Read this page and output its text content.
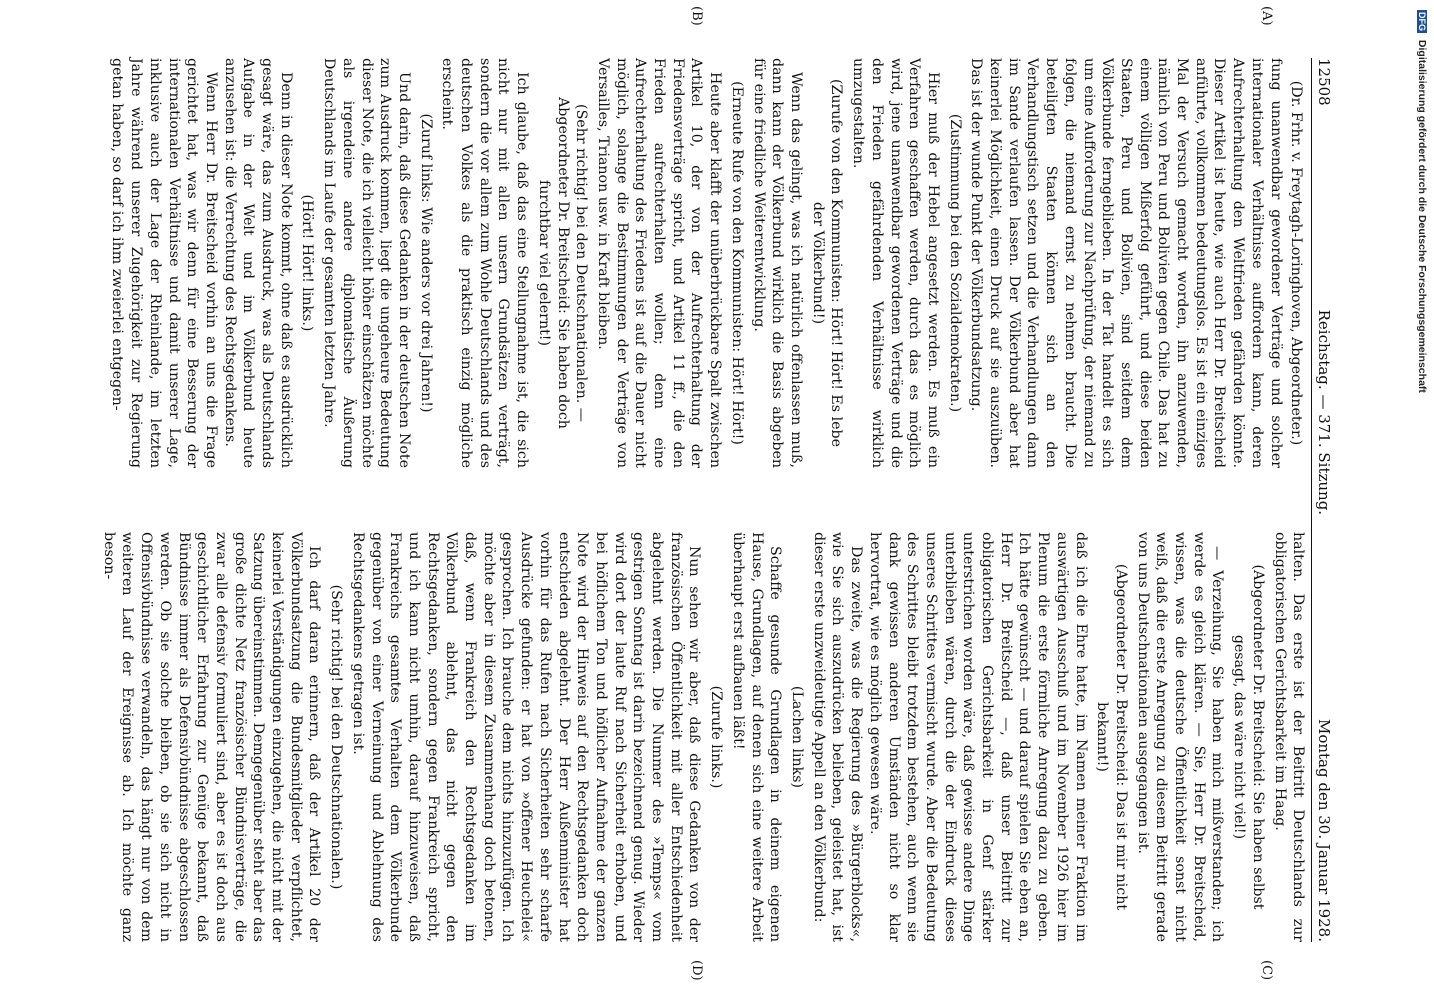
12508
Reichstag. — 371. Sitzung.
Montag den 30. Januar 1928.

(Dr. Frhr. v. Freytagh-Loringhoven, Abgeordneter.)

fung unanwendbar gewordener Verträge und solcher internationaler Verhältnisse auffordern kann, deren Aufrechterhaltung den Weltfrieden gefährden könnte. Dieser Artikel ist heute, wie auch Herr Dr. Breitscheid anführte, vollkommen bedeutungslos. Es ist ein einziges Mal der Versuch gemacht worden, ihn anzuwenden, nämlich von Peru und Bolivien gegen Chile. Das hat zu einem völligen Mißerfolg geführt, und diese beiden Staaten, Peru und Bolivien, sind seitdem dem Völkerbunde ferngeblieben. In der Tat handelt es sich um eine Aufforderung zur Nachprüfung, der niemand zu folgen, die niemand ernst zu nehmen braucht. Die beteiligten Staaten können sich an den Verhandlungstisch setzen und die Verhandlungen dann im Sande verlaufen lassen. Der Völkerbund aber hat keinerlei Möglichkeit, einen Druck auf sie auszuüben. Das ist der wunde Punkt der Völkerbundsatzung.

(Zustimmung bei den Sozialdemokraten.)

Hier muß der Hebel angesetzt werden. Es muß ein Verfahren geschaffen werden, durch das es möglich wird, jene unanwendbar gewordenen Verträge und die den Frieden gefährdenden Verhältnisse wirklich umzugestalten.

(Zurufe von den Kommunisten: Hört! Hört! Es lebe der Völkerbund!)

Wenn das gelingt, was ich natürlich offenlassen muß, dann kann der Völkerbund wirklich die Basis abgeben für eine friedliche Weiterentwicklung.

(Erneute Rufe von den Kommunisten: Hört! Hört!)

Heute aber klafft der unüberbrückbare Spalt zwischen Artikel 10, der von der Aufrechterhaltung der Friedensverträge spricht, und Artikel 11 ff., die den Frieden aufrechterhalten wollen; denn eine Aufrechterhaltung des Friedens ist auf die Dauer nicht möglich, solange die Bestimmungen der Verträge von Versailles, Trianon usw. in Kraft bleiben.

(Sehr richtig! bei den Deutschnationalen. — Abgeordneter Dr. Breitscheid: Sie haben doch furchtbar viel gelernt!)

Ich glaube, daß das eine Stellungnahme ist, die sich nicht nur mit allen unsern Grundsätzen verträgt, sondern die vor allem zum Wohle Deutschlands und des deutschen Volkes als die praktisch einzig mögliche erscheint.

(Zuruf links: Wie anders vor drei Jahren!)

Und darin, daß diese Gedanken in der deutschen Note zum Ausdruck kommen, liegt die ungeheure Bedeutung dieser Note, die ich vielleicht höher einschätzen möchte als irgendeine andere diplomatische Äußerung Deutschlands im Laufe der gesamten letzten Jahre.

(Hört! Hört! links.)

Denn in dieser Note kommt, ohne daß es ausdrücklich gesagt wäre, das zum Ausdruck, was als Deutschlands Aufgabe in der Welt und im Völkerbund heute anzusehen ist: die Verrechtung des Rechtsgedankens.

Wenn Herr Dr. Breitscheid vorhin an uns die Frage gerichtet hat, was wir denn für eine Besserung der internationalen Verhältnisse und damit unserer Lage, inklusive auch der Lage der Rheinlande, im letzten Jahre während unserer Zugehörigkeit zur Regierung getan haben, so darf ich ihm zweierlei entgegen-

halten. Das erste ist der Beitritt Deutschlands zur obligatorischen Gerichtsbarkeit im Haag.

(Abgeordneter Dr. Breitscheid: Sie haben selbst gesagt, das wäre nicht viel!)

— Verzeihung, Sie haben mich mißverstanden; ich werde es gleich klären. — Sie, Herr Dr. Breitscheid, wissen, was die deutsche Öffentlichkeit sonst nicht weiß, daß die erste Anregung zu diesem Beitritt gerade von uns Deutschnationalen ausgegangen ist.

(Abgeordneter Dr. Breitscheid: Das ist mir nicht bekannt!)

daß ich die Ehre hatte, im Namen meiner Fraktion im auswärtigen Ausschuß und im November 1926 hier im Plenum die erste förmliche Anregung dazu zu geben. Ich hätte gewünscht — und darauf spielen Sie eben an, Herr Dr. Breitscheid —, daß unser Beitritt zur obligatorischen Gerichtsbarkeit in Genf stärker unterstrichen worden wäre, daß gewisse andere Dinge unterblieben wären, durch die der Eindruck dieses unseres Schrittes vermischt wurde. Aber die Bedeutung des Schrittes bleibt trotzdem bestehen, auch wenn sie dank gewissen anderen Umständen nicht so klar hervortrat, wie es möglich gewesen wäre.

Das zweite, was die Regierung des »Bürgerblocks«, wie Sie sich auszudrücken belieben, geleistet hat, ist dieser erste unzweideutige Appell an den Völkerbund:

(Lachen links)

Schaffe gesunde Grundlagen in deinem eigenen Hause, Grundlagen, auf denen sich eine weitere Arbeit überhaupt erst aufbauen läßt!

(Zurufe links.)

Nun sehen wir aber, daß diese Gedanken von der französischen Öffentlichkeit mit aller Entschiedenheit abgelehnt werden. Die Nummer des »Temps« vom gestrigen Sonntag ist darin bezeichnend genug. Wieder wird dort der laute Ruf nach Sicherheit erhoben, und bei höflichem Ton und höflicher Aufnahme der ganzen Note wird der Hinweis auf den Rechtsgedanken doch entschieden abgelehnt. Der Herr Außenminister hat vorhin für das Rufen nach Sicherheiten sehr scharfe Ausdrücke gefunden: er hat von »offener Heuchelei« gesprochen. Ich brauche dem nichts hinzuzufügen. Ich möchte aber in diesem Zusammenhang doch betonen, daß, wenn Frankreich den Rechtsgedanken im Völkerbund ablehnt, das nicht gegen den Rechtsgedanken, sondern gegen Frankreich spricht, und ich kann nicht umhin, darauf hinzuweisen, daß Frankreichs gesamtes Verhalten dem Völkerbunde gegenüber von einer Verneinung und Ablehnung des Rechtsgedankens getragen ist.

(Sehr richtig! bei den Deutschnationalen.)

Ich darf daran erinnern, daß der Artikel 20 der Völkerbundsatzung die Bundesmitglieder verpflichtet, keinerlei Verständigungen einzugehen, die nicht mit der Satzung übereinstimmen. Demgegenüber steht aber das große dichte Netz französischer Bündnisverträge, die zwar alle defensiv formuliert sind, aber es ist doch aus geschichtlicher Erfahrung zur Genüge bekannt, daß Bündnisse immer als Defensivbündnisse abgeschlossen werden. Ob sie solche bleiben, ob sie sich nicht in Offensivbündnisse verwandeln, das hängt nur von dem weiteren Lauf der Ereignisse ab. Ich möchte ganz beson-

(A)
(B)
(C)
(D)
DFG Digitalisierung gefördert durch die Deutsche Forschungsgemeinschaft
